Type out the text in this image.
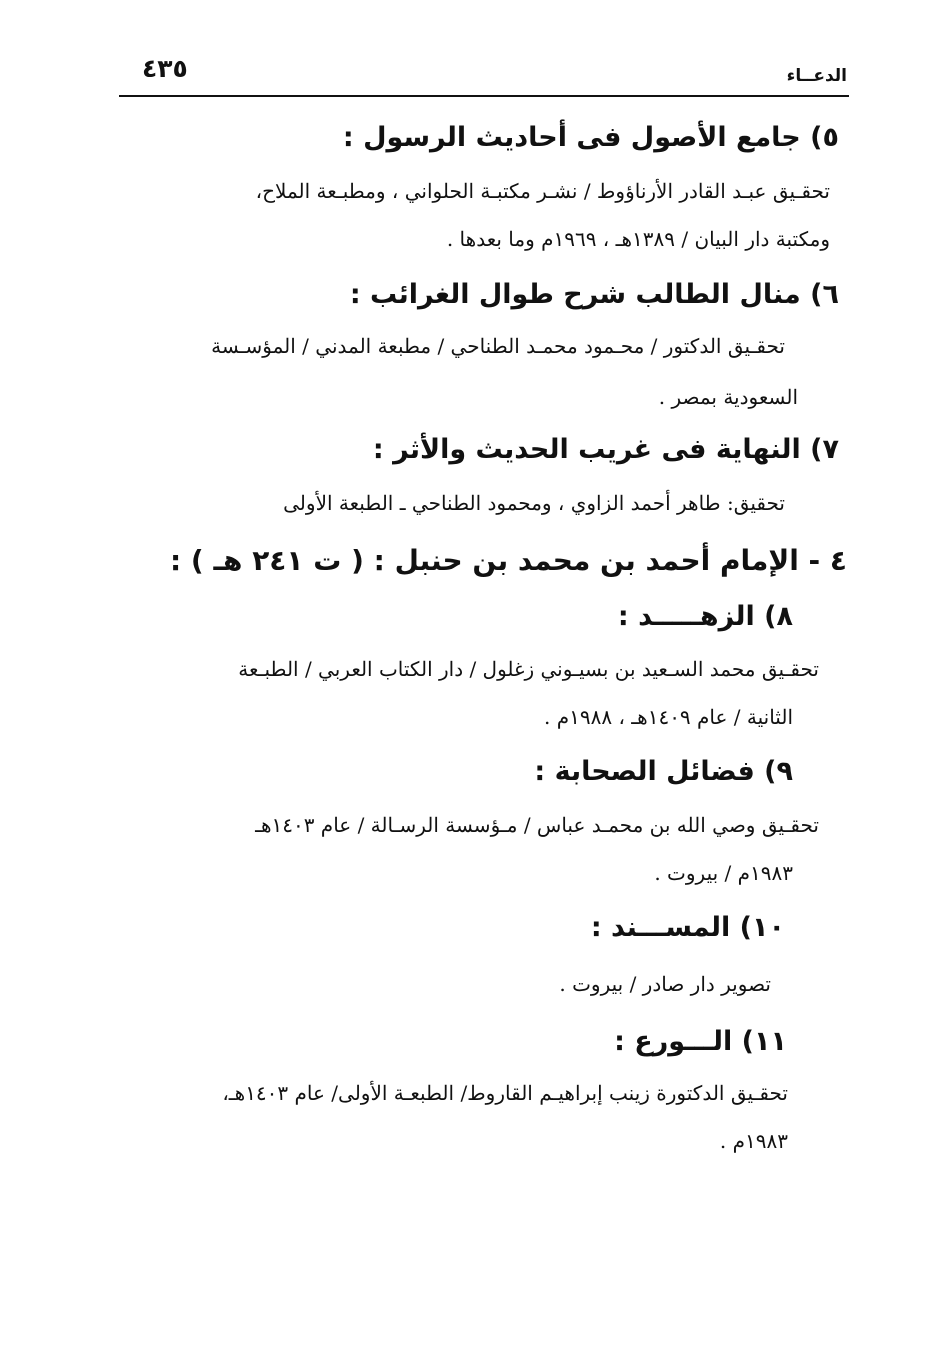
الدعــاء
٤٣٥
٥) جامع الأصول فى أحاديث الرسول :
تحقـيق عبـد القادر الأرناؤوط / نشـر مكتبـة الحلواني ، ومطبـعة الملاح،
ومكتبة دار البيان / ١٣٨٩هـ ، ١٩٦٩م وما بعدها .
٦) منال الطالب شرح طوال الغرائب :
تحقـيق الدكتور / محـمود محمـد الطناحي / مطبعة المدني / المؤسـسة
السعودية بمصر .
٧) النهاية فى غريب الحديث والأثر :
تحقيق: طاهر أحمد الزاوي ، ومحمود الطناحي ـ الطبعة الأولى
٤ - الإمام أحمد بن محمد بن حنبل : ( ت ٢٤١ هـ ) :
٨) الزهـــــد :
تحقـيق محمد السـعيد بن بسيـوني زغلول / دار الكتاب العربي / الطبـعة
الثانية / عام ١٤٠٩هـ ، ١٩٨٨م .
٩) فضائل الصحابة :
تحقـيق وصي الله بن محمـد عباس / مـؤسسة الرسـالة / عام ١٤٠٣هـ
١٩٨٣م / بيروت .
١٠) المســـند :
تصوير دار صادر / بيروت .
١١) الـــورع :
تحقـيق الدكتورة زينب إبراهيـم القاروط/ الطبعـة الأولى/ عام ١٤٠٣هـ،
١٩٨٣م .
